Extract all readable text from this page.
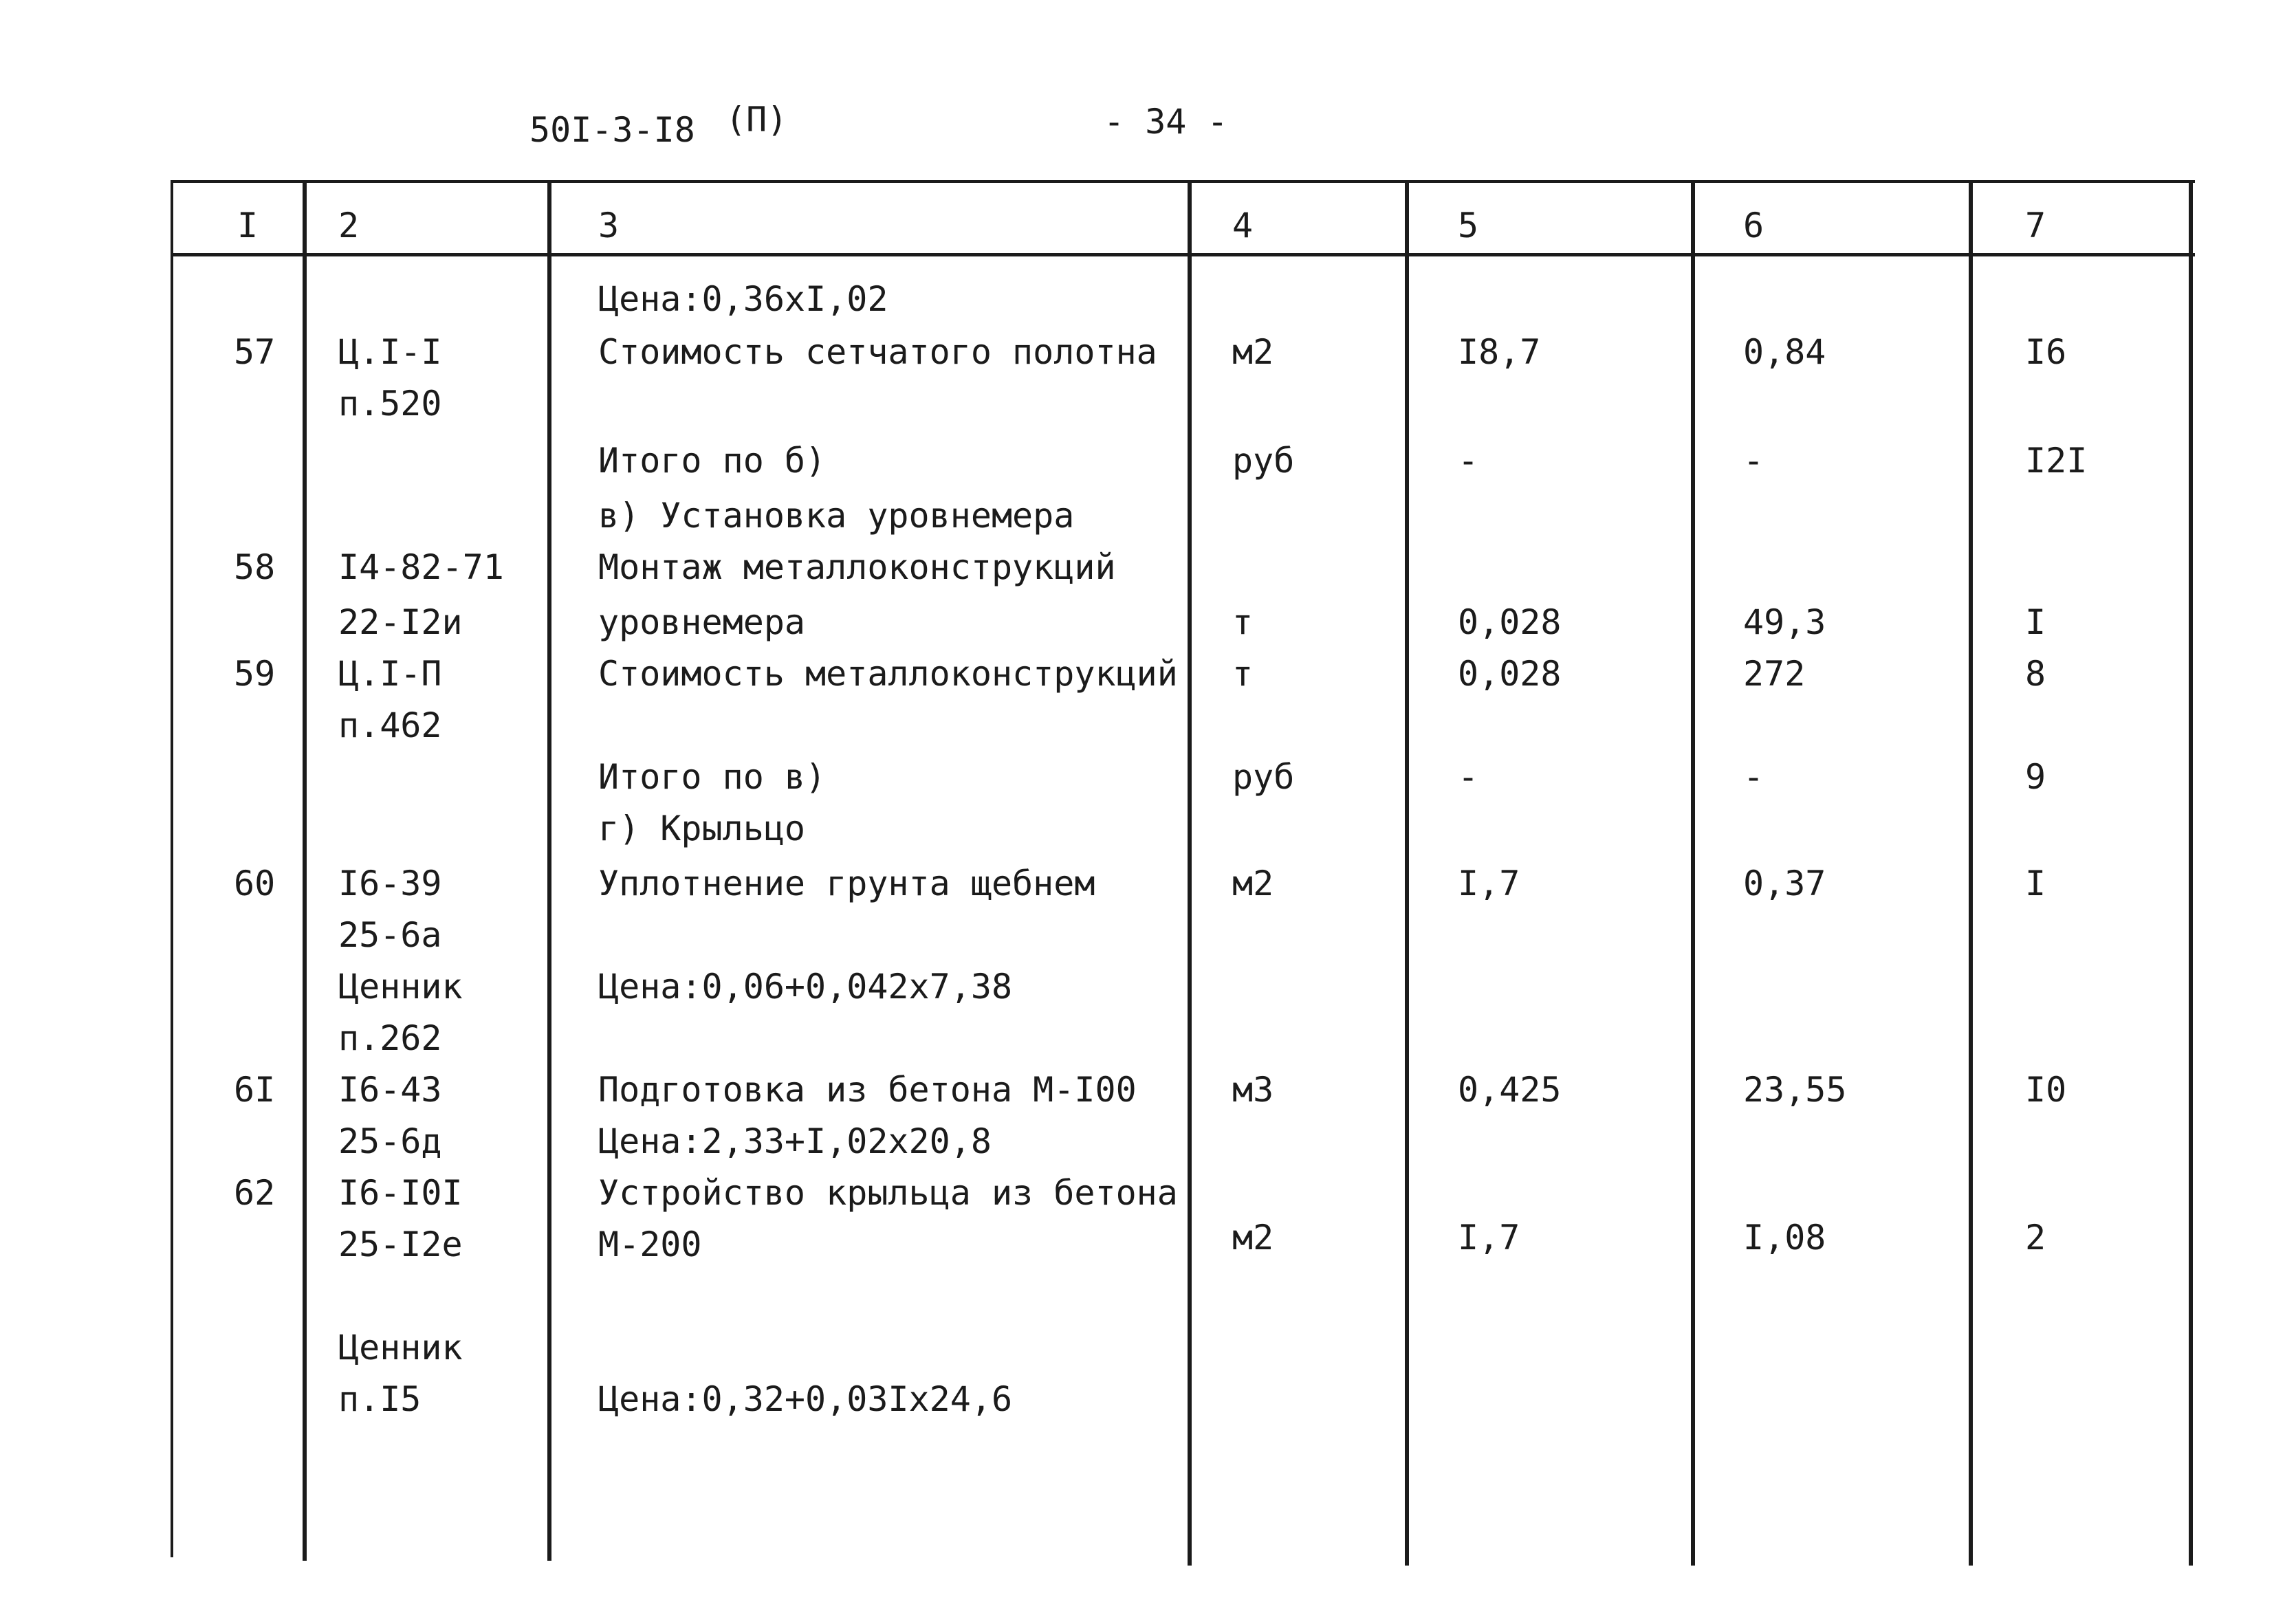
50I-3-I8 (П)	- 34 -
I 2	3	4	5	6	7
Цена:0,36хI,02
57 Ц.I-I	Стоимость сетчатого полотна м2	I8,7	0,84	I6
п.520
Итого по б)	руб	-	-	I2I
в) Установка уровнемера
58 I4-82-71	Монтаж металлоконструкций
22-I2и	уровнемера	т	0,028	49,3	I
59 Ц.I-П	Стоимость металлоконструкций т	0,028	272	8
п.462
Итого по в)	руб	-	-	9
г) Крыльцо
60 I6-39	Уплотнение грунта щебнем	м2	I,7	0,37	I
25-6а
Ценник	Цена:0,06+0,042х7,38
п.262
6I I6-43	Подготовка из бетона М-I00	м3	0,425	23,55	I0
25-6д	Цена:2,33+I,02х20,8
62 I6-I0I	Устройство крыльца из бетона
25-I2е	М-200	м2	I,7	I,08	2
Ценник
п.I5	Цена:0,32+0,03Iх24,6
